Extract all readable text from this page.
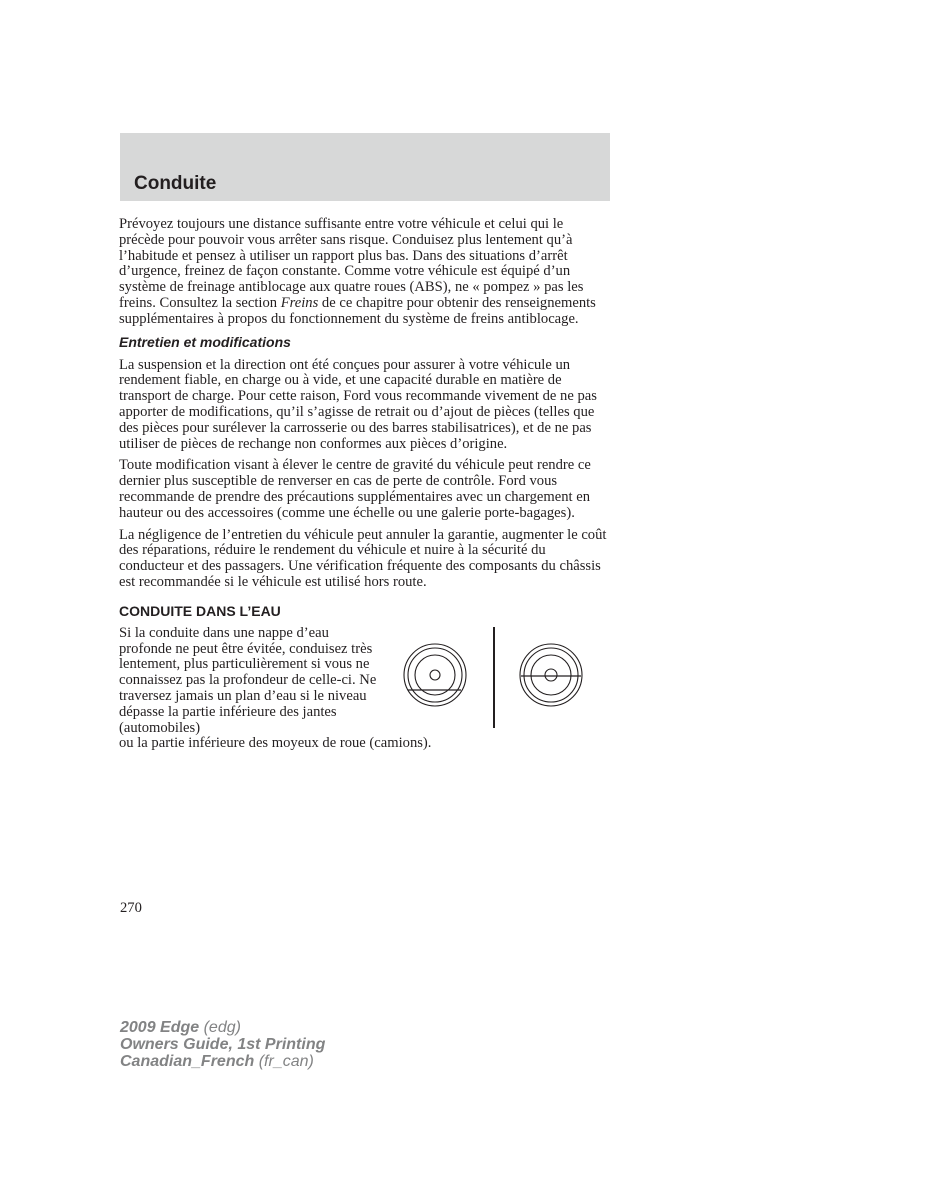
Conduite

Prévoyez toujours une distance suffisante entre votre véhicule et celui qui le précède pour pouvoir vous arrêter sans risque. Conduisez plus lentement qu’à l’habitude et pensez à utiliser un rapport plus bas. Dans des situations d’arrêt d’urgence, freinez de façon constante. Comme votre véhicule est équipé d’un système de freinage antiblocage aux quatre roues (ABS), ne « pompez » pas les freins. Consultez la section Freins de ce chapitre pour obtenir des renseignements supplémentaires à propos du fonctionnement du système de freins antiblocage.

Entretien et modifications

La suspension et la direction ont été conçues pour assurer à votre véhicule un rendement fiable, en charge ou à vide, et une capacité durable en matière de transport de charge. Pour cette raison, Ford vous recommande vivement de ne pas apporter de modifications, qu’il s’agisse de retrait ou d’ajout de pièces (telles que des pièces pour surélever la carrosserie ou des barres stabilisatrices), et de ne pas utiliser de pièces de rechange non conformes aux pièces d’origine.

Toute modification visant à élever le centre de gravité du véhicule peut rendre ce dernier plus susceptible de renverser en cas de perte de contrôle. Ford vous recommande de prendre des précautions supplémentaires avec un chargement en hauteur ou des accessoires (comme une échelle ou une galerie porte-bagages).

La négligence de l’entretien du véhicule peut annuler la garantie, augmenter le coût des réparations, réduire le rendement du véhicule et nuire à la sécurité du conducteur et des passagers. Une vérification fréquente des composants du châssis est recommandée si le véhicule est utilisé hors route.

CONDUITE DANS L’EAU
Si la conduite dans une nappe d’eau profonde ne peut être évitée, conduisez très lentement, plus particulièrement si vous ne connaissez pas la profondeur de celle-ci. Ne traversez jamais un plan d’eau si le niveau dépasse la partie inférieure des jantes (automobiles)
ou la partie inférieure des moyeux de roue (camions).
270
2009 Edge (edg)
Owners Guide, 1st Printing
Canadian_French (fr_can)
